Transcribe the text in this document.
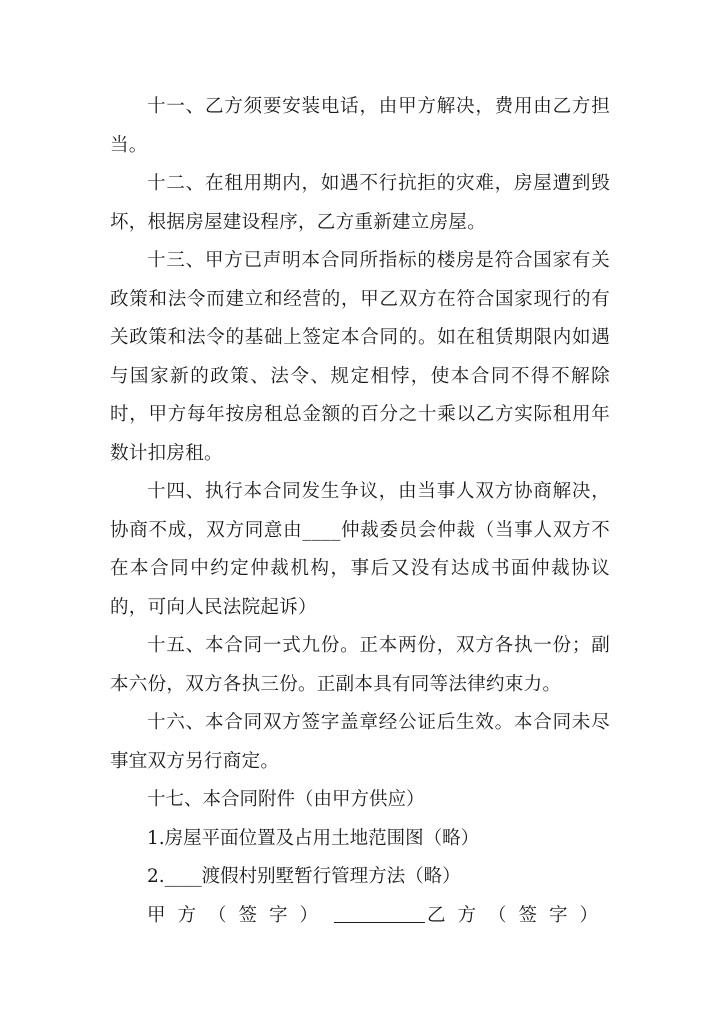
十一、乙方须要安装电话，由甲方解决，费用由乙方担当。

十二、在租用期内，如遇不行抗拒的灾难，房屋遭到毁坏，根据房屋建设程序，乙方重新建立房屋。

十三、甲方已声明本合同所指标的楼房是符合国家有关政策和法令而建立和经营的，甲乙双方在符合国家现行的有关政策和法令的基础上签定本合同的。如在租赁期限内如遇与国家新的政策、法令、规定相悖，使本合同不得不解除时，甲方每年按房租总金额的百分之十乘以乙方实际租用年数计扣房租。

十四、执行本合同发生争议，由当事人双方协商解决，协商不成，双方同意由____仲裁委员会仲裁（当事人双方不在本合同中约定仲裁机构，事后又没有达成书面仲裁协议的，可向人民法院起诉）

十五、本合同一式九份。正本两份，双方各执一份；副本六份，双方各执三份。正副本具有同等法律约束力。

十六、本合同双方签字盖章经公证后生效。本合同未尽事宜双方另行商定。

十七、本合同附件（由甲方供应）

1.房屋平面位置及占用土地范围图（略）

2.____渡假村别墅暂行管理方法（略）

甲方（签字）	乙方（签字）
